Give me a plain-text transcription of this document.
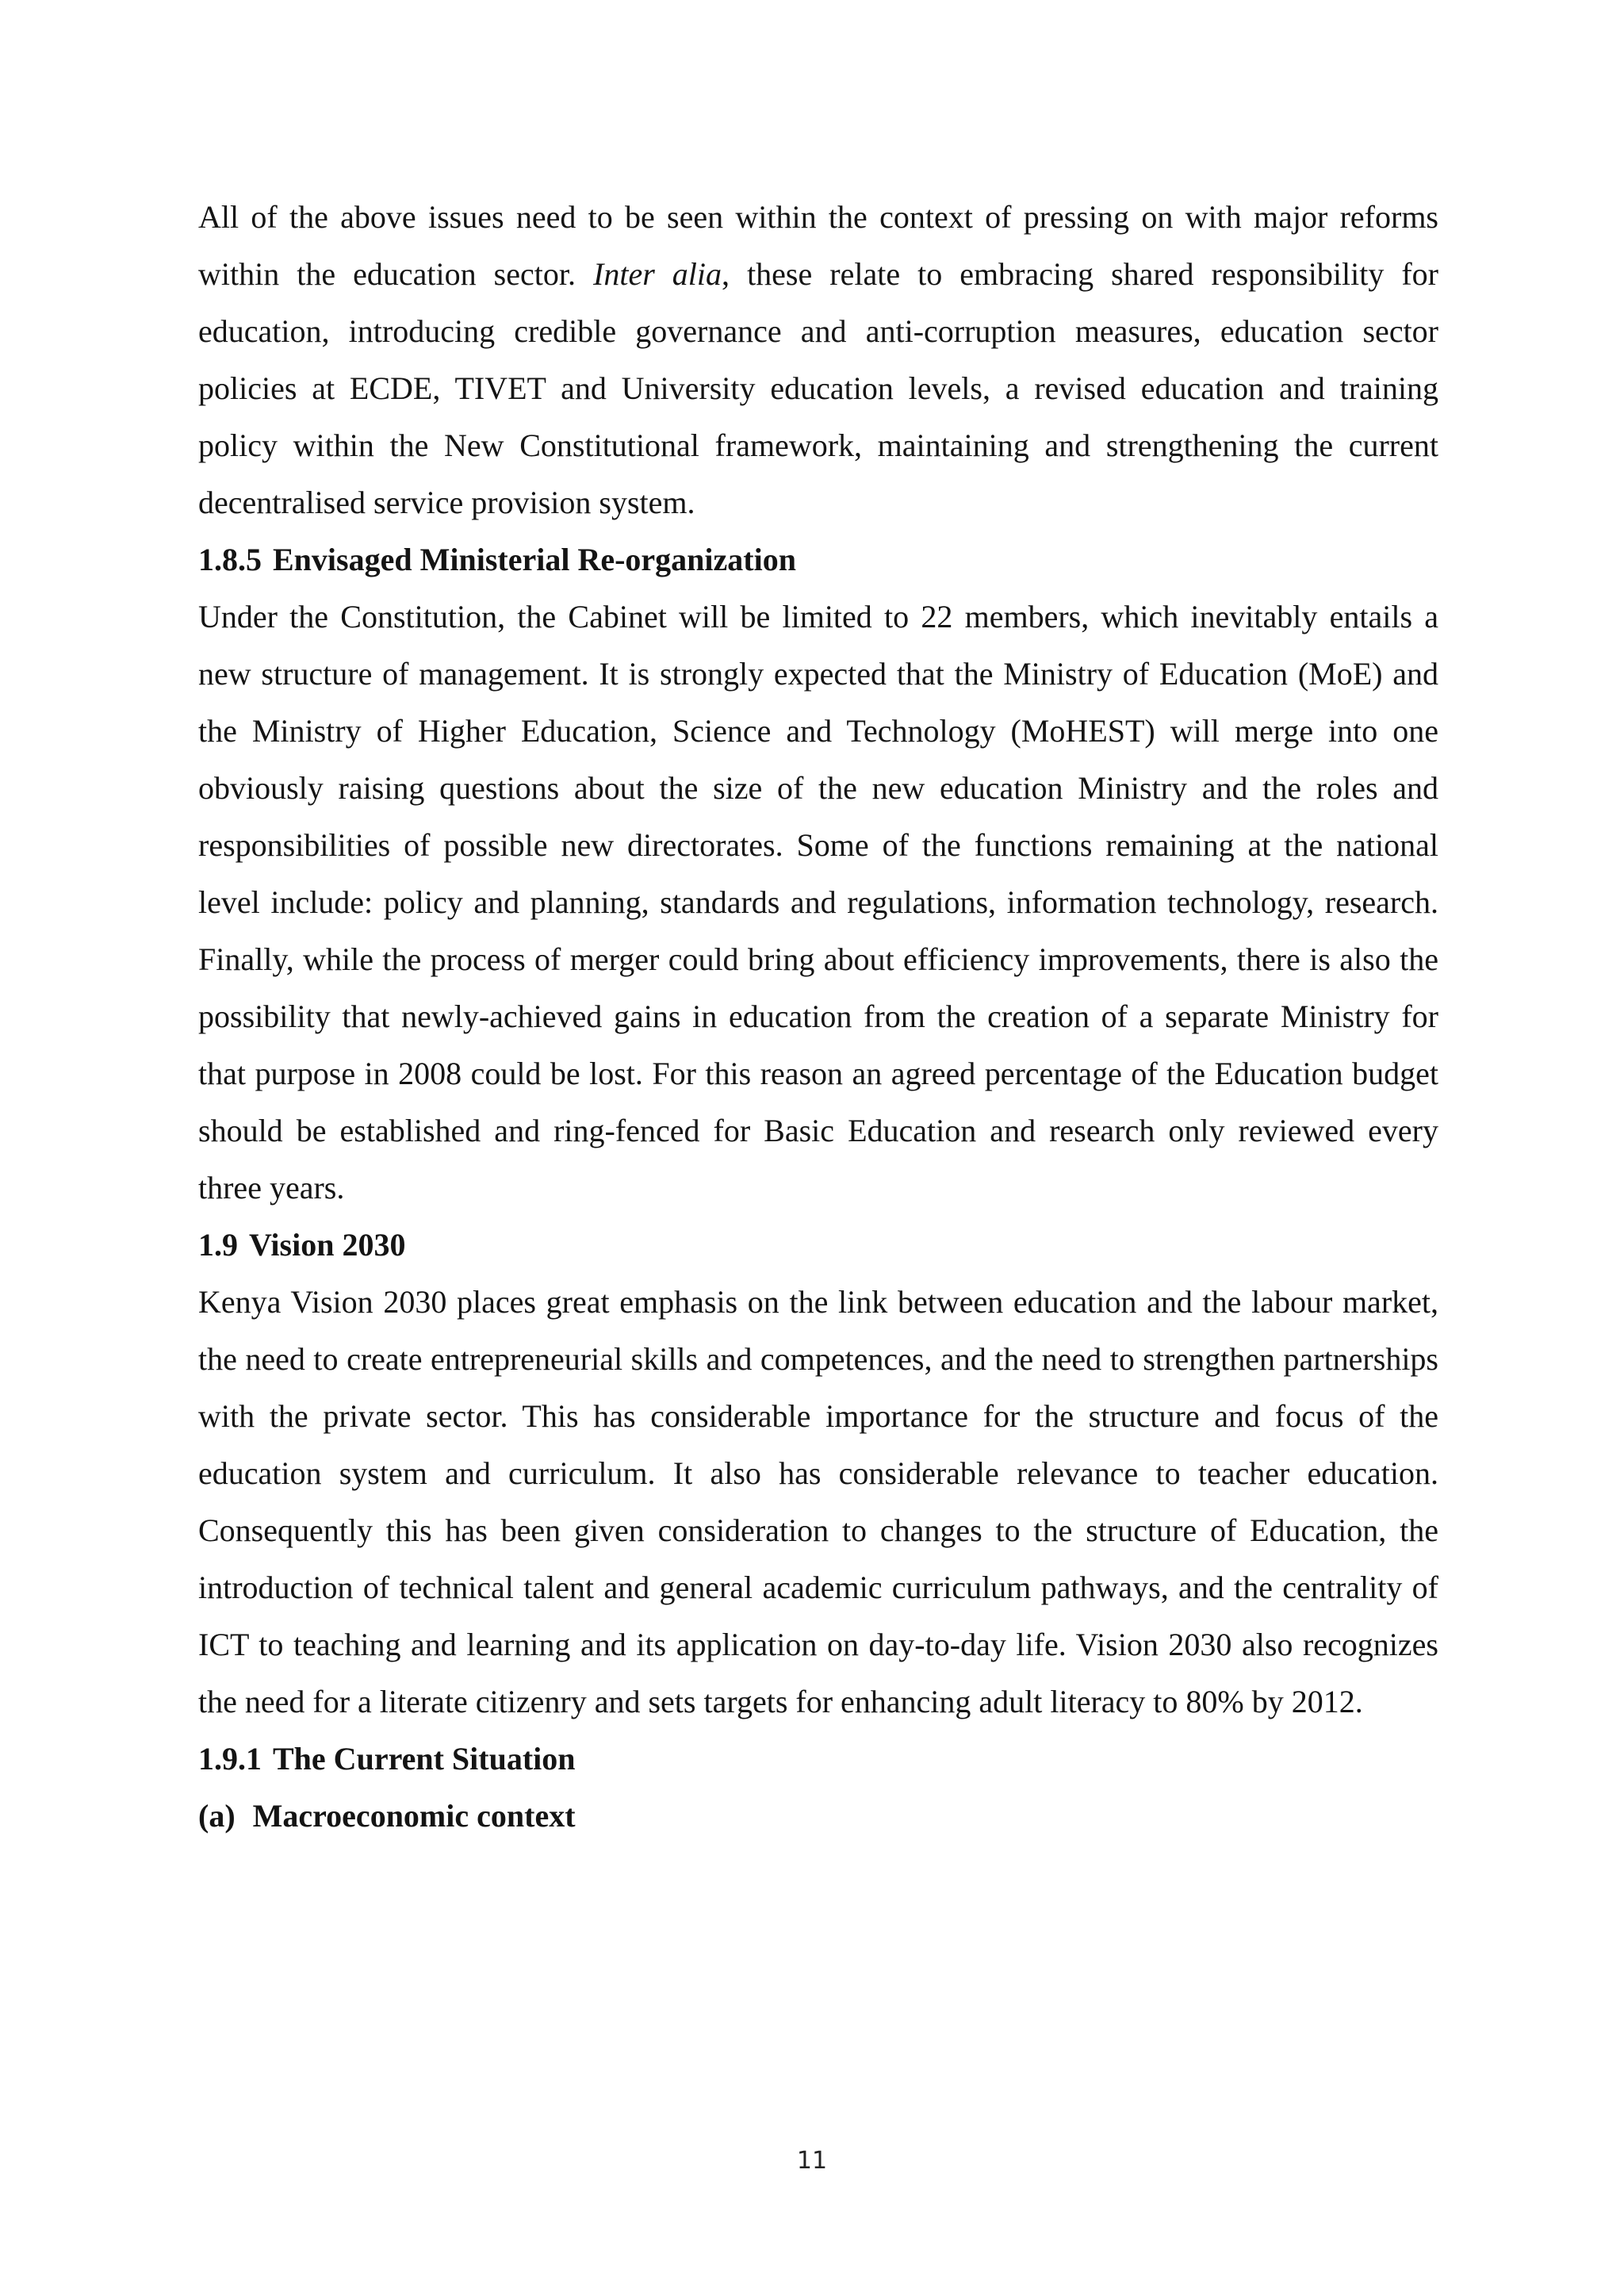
All of the above issues need to be seen within the context of pressing on with major reforms within the education sector. Inter alia, these relate to embracing shared responsibility for education, introducing credible governance and anti-corruption measures, education sector policies at ECDE, TIVET and University education levels, a revised education and training policy within the New Constitutional framework, maintaining and strengthening the current decentralised service provision system.

1.8.5 Envisaged Ministerial Re-organization

Under the Constitution, the Cabinet will be limited to 22 members, which inevitably entails a new structure of management. It is strongly expected that the Ministry of Education (MoE) and the Ministry of Higher Education, Science and Technology (MoHEST) will merge into one obviously raising questions about the size of the new education Ministry and the roles and responsibilities of possible new directorates. Some of the functions remaining at the national level include: policy and planning, standards and regulations, information technology, research. Finally, while the process of merger could bring about efficiency improvements, there is also the possibility that newly-achieved gains in education from the creation of a separate Ministry for that purpose in 2008 could be lost. For this reason an agreed percentage of the Education budget should be established and ring-fenced for Basic Education and research only reviewed every three years.

1.9 Vision 2030

Kenya Vision 2030 places great emphasis on the link between education and the labour market, the need to create entrepreneurial skills and competences, and the need to strengthen partnerships with the private sector. This has considerable importance for the structure and focus of the education system and curriculum. It also has considerable relevance to teacher education. Consequently this has been given consideration to changes to the structure of Education, the introduction of technical talent and general academic curriculum pathways, and the centrality of ICT to teaching and learning and its application on day-to-day life. Vision 2030 also recognizes the need for a literate citizenry and sets targets for enhancing adult literacy to 80% by 2012.

1.9.1 The Current Situation
(a) Macroeconomic context
11
